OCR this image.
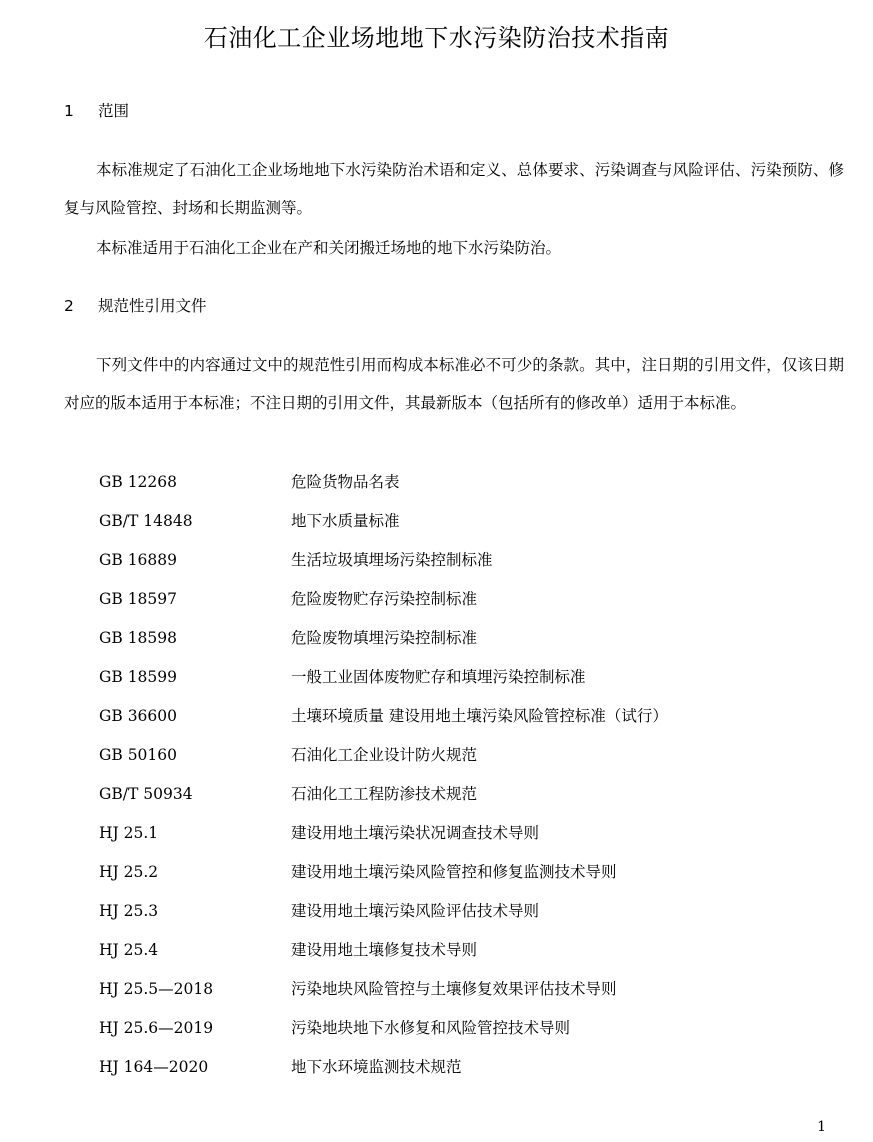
石油化工企业场地地下水污染防治技术指南
1 范围

本标准规定了石油化工企业场地地下水污染防治术语和定义、总体要求、污染调查与风险评估、污染预防、修复与风险管控、封场和长期监测等。

本标准适用于石油化工企业在产和关闭搬迁场地的地下水污染防治。

2 规范性引用文件

下列文件中的内容通过文中的规范性引用而构成本标准必不可少的条款。其中，注日期的引用文件，仅该日期对应的版本适用于本标准；不注日期的引用文件，其最新版本（包括所有的修改单）适用于本标准。

GB 12268	危险货物品名表
GB/T 14848	地下水质量标准
GB 16889	生活垃圾填埋场污染控制标准
GB 18597	危险废物贮存污染控制标准
GB 18598	危险废物填埋污染控制标准
GB 18599	一般工业固体废物贮存和填埋污染控制标准
GB 36600	土壤环境质量 建设用地土壤污染风险管控标准（试行）
GB 50160	石油化工企业设计防火规范
GB/T 50934	石油化工工程防渗技术规范
HJ 25.1	建设用地土壤污染状况调查技术导则
HJ 25.2	建设用地土壤污染风险管控和修复监测技术导则
HJ 25.3	建设用地土壤污染风险评估技术导则
HJ 25.4	建设用地土壤修复技术导则
HJ 25.5—2018	污染地块风险管控与土壤修复效果评估技术导则
HJ 25.6—2019	污染地块地下水修复和风险管控技术导则
HJ 164—2020	地下水环境监测技术规范
1
